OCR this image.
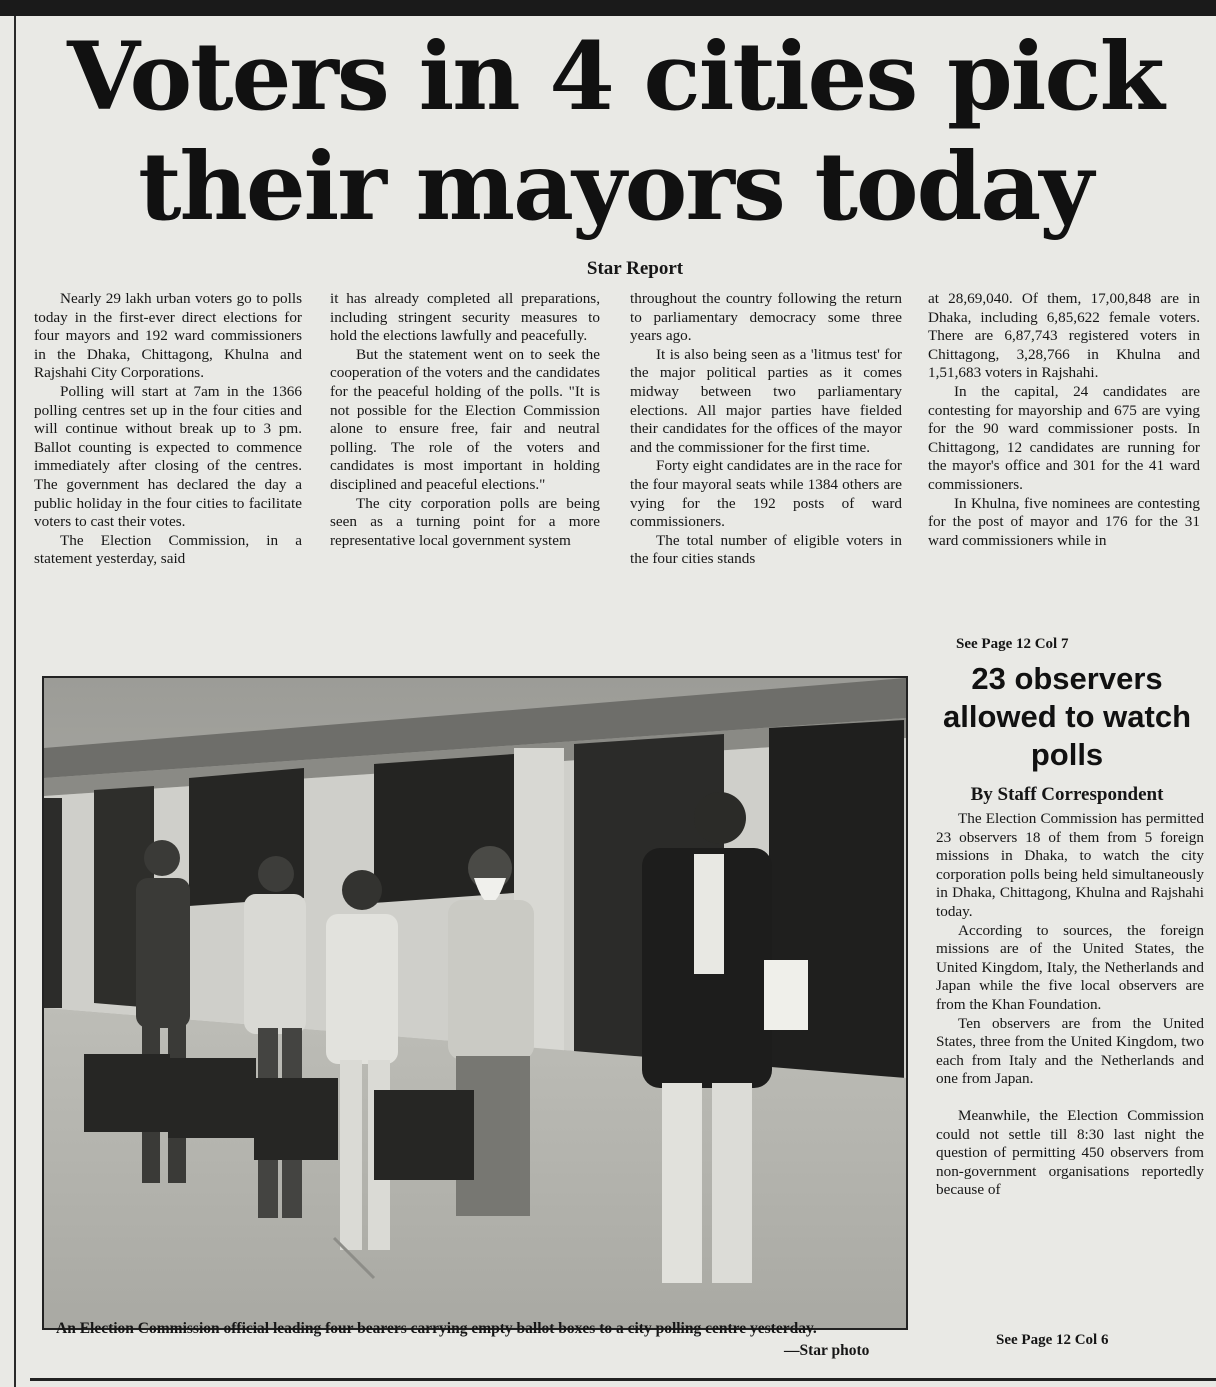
Voters in 4 cities pick their mayors today
Star Report

Nearly 29 lakh urban voters go to polls today in the first-ever direct elections for four mayors and 192 ward commissioners in the Dhaka, Chittagong, Khulna and Rajshahi City Corporations.

Polling will start at 7am in the 1366 polling centres set up in the four cities and will continue without break up to 3 pm. Ballot counting is expected to commence immediately after closing of the centres. The government has declared the day a public holiday in the four cities to facilitate voters to cast their votes.

The Election Commission, in a statement yesterday, said

it has already completed all preparations, including stringent security measures to hold the elections lawfully and peacefully.

But the statement went on to seek the cooperation of the voters and the candidates for the peaceful holding of the polls. "It is not possible for the Election Commission alone to ensure free, fair and neutral polling. The role of the voters and candidates is most important in holding disciplined and peaceful elections."

The city corporation polls are being seen as a turning point for a more representative local government system

throughout the country following the return to parliamentary democracy some three years ago.

It is also being seen as a 'litmus test' for the major political parties as it comes midway between two parliamentary elections. All major parties have fielded their candidates for the offices of the mayor and the commissioner for the first time.

Forty eight candidates are in the race for the four mayoral seats while 1384 others are vying for the 192 posts of ward commissioners.

The total number of eligible voters in the four cities stands

at 28,69,040. Of them, 17,00,848 are in Dhaka, including 6,85,622 female voters. There are 6,87,743 registered voters in Chittagong, 3,28,766 in Khulna and 1,51,683 voters in Rajshahi.

In the capital, 24 candidates are contesting for mayorship and 675 are vying for the 90 ward commissioner posts. In Chittagong, 12 candidates are running for the mayor's office and 301 for the 41 ward commissioners.

In Khulna, five nominees are contesting for the post of mayor and 176 for the 31 ward commissioners while in

See Page 12 Col 7
An Election Commission official leading four bearers carrying empty ballot boxes to a city polling centre yesterday.
—Star photo
23 observers allowed to watch polls
By Staff Correspondent

The Election Commission has permitted 23 observers 18 of them from 5 foreign missions in Dhaka, to watch the city corporation polls being held simultaneously in Dhaka, Chittagong, Khulna and Rajshahi today.

According to sources, the foreign missions are of the United States, the United Kingdom, Italy, the Netherlands and Japan while the five local observers are from the Khan Foundation.

Ten observers are from the United States, three from the United Kingdom, two each from Italy and the Netherlands and one from Japan.

Meanwhile, the Election Commission could not settle till 8:30 last night the question of permitting 450 observers from non-government organisations reportedly because of

See Page 12 Col 6
